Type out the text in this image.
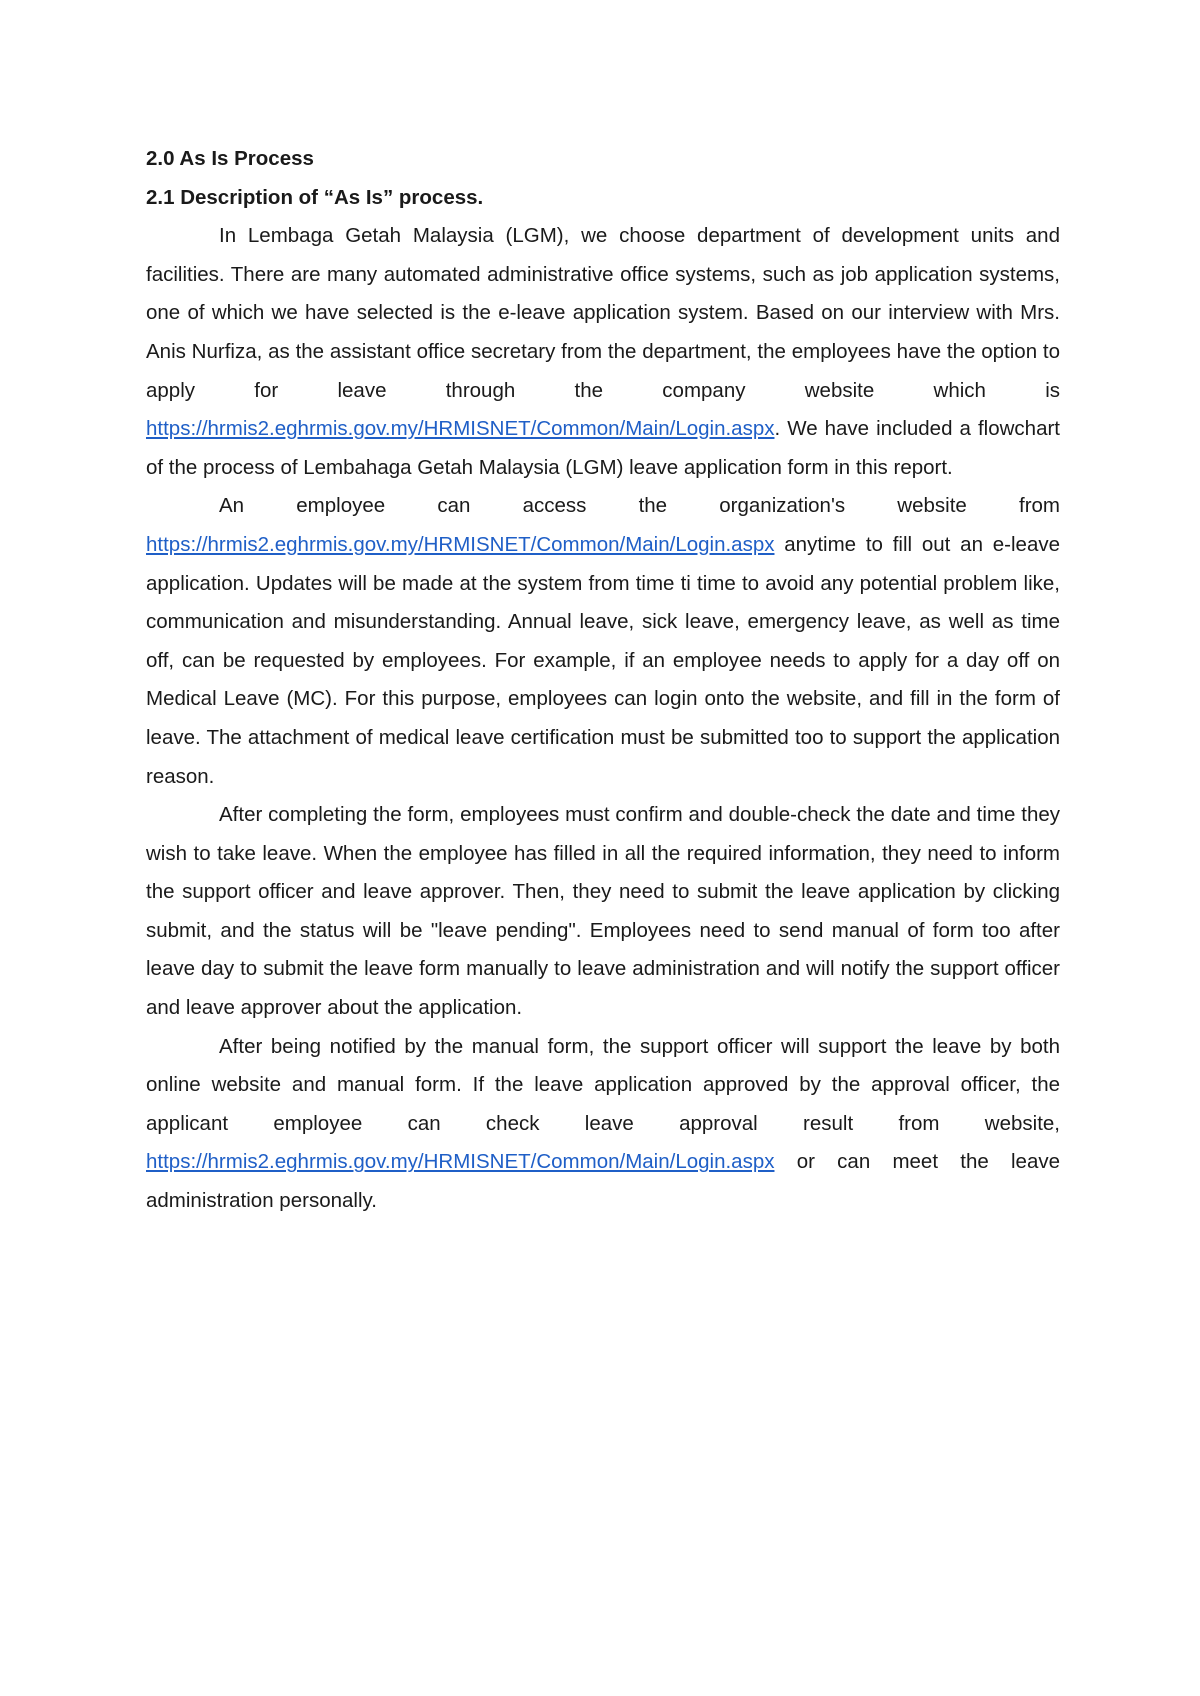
2.0 As Is Process

2.1 Description of “As Is” process.

In Lembaga Getah Malaysia (LGM), we choose department of development units and facilities. There are many automated administrative office systems, such as job application systems, one of which we have selected is the e-leave application system. Based on our interview with Mrs. Anis Nurfiza, as the assistant office secretary from the department, the employees have the option to apply for leave through the company website which is https://hrmis2.eghrmis.gov.my/HRMISNET/Common/Main/Login.aspx. We have included a flowchart of the process of Lembahaga Getah Malaysia (LGM) leave application form in this report.

An employee can access the organization's website from https://hrmis2.eghrmis.gov.my/HRMISNET/Common/Main/Login.aspx anytime to fill out an e-leave application. Updates will be made at the system from time ti time to avoid any potential problem like, communication and misunderstanding. Annual leave, sick leave, emergency leave, as well as time off, can be requested by employees. For example, if an employee needs to apply for a day off on Medical Leave (MC). For this purpose, employees can login onto the website, and fill in the form of leave. The attachment of medical leave certification must be submitted too to support the application reason.

After completing the form, employees must confirm and double-check the date and time they wish to take leave. When the employee has filled in all the required information, they need to inform the support officer and leave approver. Then, they need to submit the leave application by clicking submit, and the status will be "leave pending". Employees need to send manual of form too after leave day to submit the leave form manually to leave administration and will notify the support officer and leave approver about the application.

After being notified by the manual form, the support officer will support the leave by both online website and manual form. If the leave application approved by the approval officer, the applicant employee can check leave approval result from website, https://hrmis2.eghrmis.gov.my/HRMISNET/Common/Main/Login.aspx or can meet the leave administration personally.
